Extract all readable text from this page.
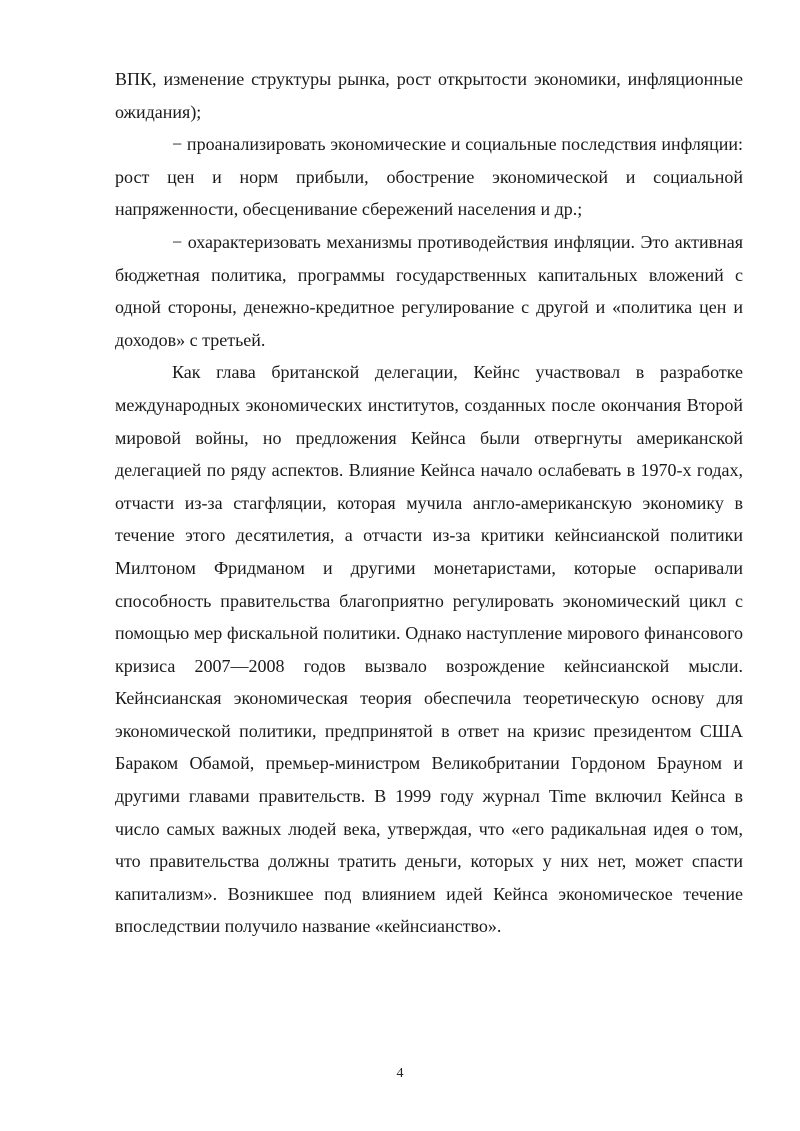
ВПК, изменение структуры рынка, рост открытости экономики, инфляционные ожидания);

− проанализировать экономические и социальные последствия инфляции: рост цен и норм прибыли, обострение экономической и социальной напряженности, обесценивание сбережений населения и др.;

− охарактеризовать механизмы противодействия инфляции. Это активная бюджетная политика, программы государственных капитальных вложений с одной стороны, денежно-кредитное регулирование с другой и «политика цен и доходов» с третьей.

Как глава британской делегации, Кейнс участвовал в разработке международных экономических институтов, созданных после окончания Второй мировой войны, но предложения Кейнса были отвергнуты американской делегацией по ряду аспектов. Влияние Кейнса начало ослабевать в 1970-х годах, отчасти из-за стагфляции, которая мучила англо-американскую экономику в течение этого десятилетия, а отчасти из-за критики кейнсианской политики Милтоном Фридманом и другими монетаристами, которые оспаривали способность правительства благоприятно регулировать экономический цикл с помощью мер фискальной политики. Однако наступление мирового финансового кризиса 2007—2008 годов вызвало возрождение кейнсианской мысли. Кейнсианская экономическая теория обеспечила теоретическую основу для экономической политики, предпринятой в ответ на кризис президентом США Бараком Обамой, премьер-министром Великобритании Гордоном Брауном и другими главами правительств. В 1999 году журнал Time включил Кейнса в число самых важных людей века, утверждая, что «его радикальная идея о том, что правительства должны тратить деньги, которых у них нет, может спасти капитализм». Возникшее под влиянием идей Кейнса экономическое течение впоследствии получило название «кейнсианство».

4
